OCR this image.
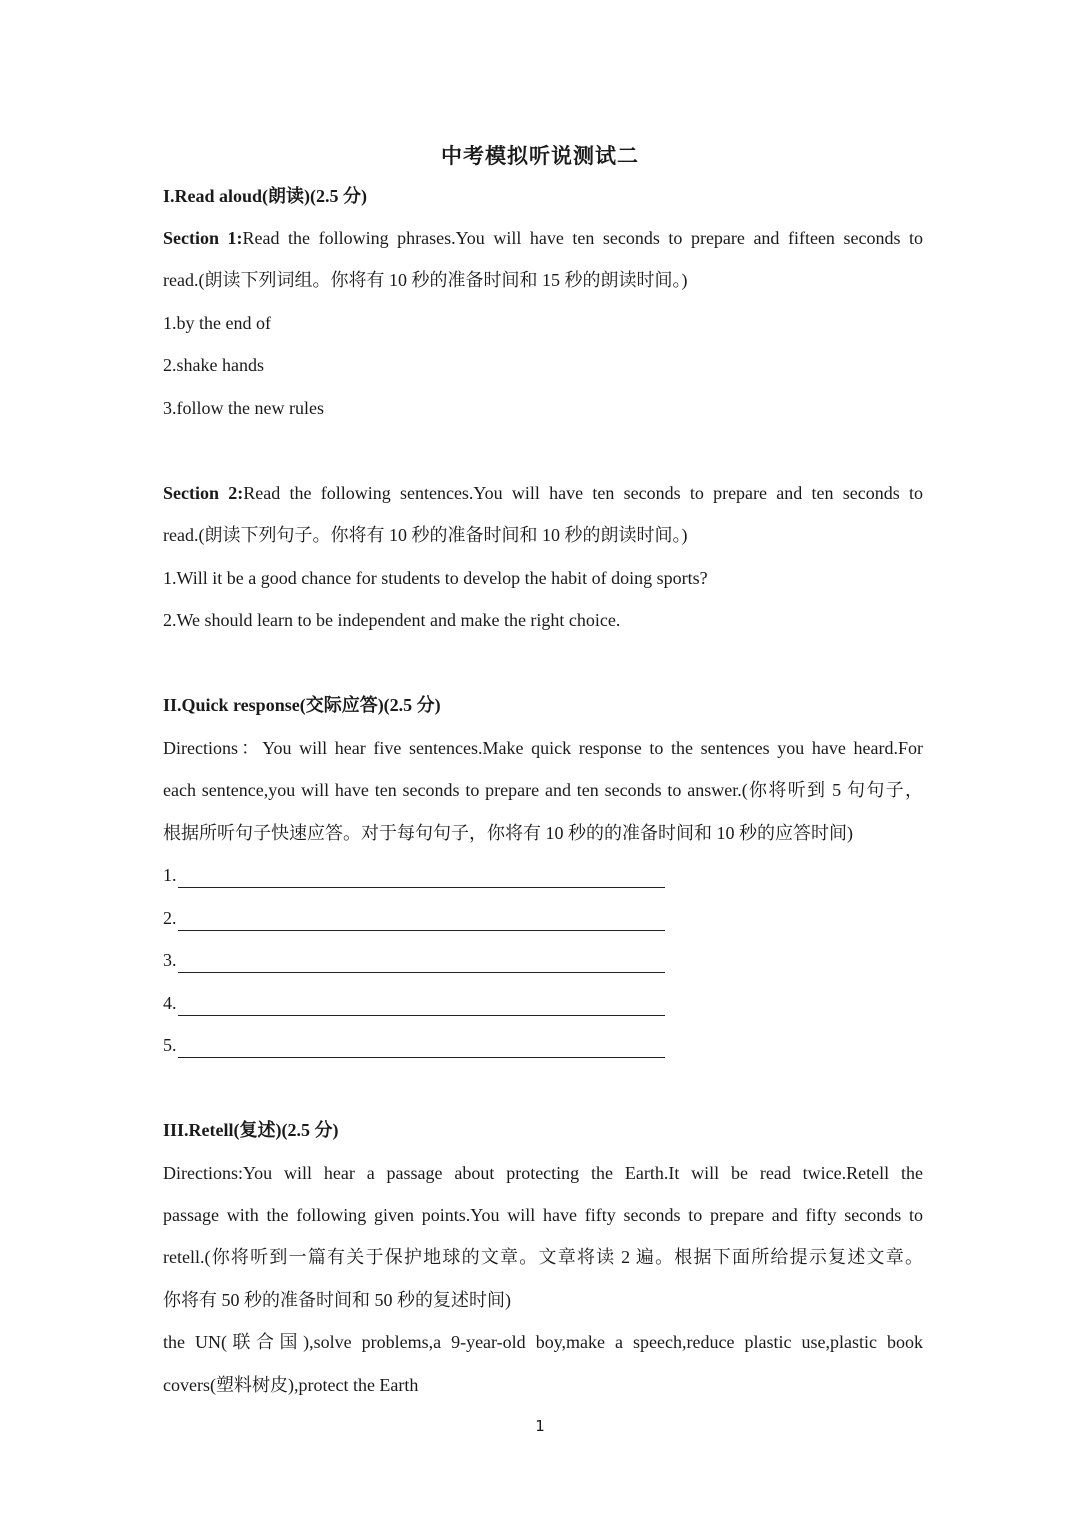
中考模拟听说测试二
I.Read aloud(朗读)(2.5 分)
Section 1:Read the following phrases.You will have ten seconds to prepare and fifteen seconds to
read.(朗读下列词组。你将有 10 秒的准备时间和 15 秒的朗读时间。)
1.by the end of
2.shake hands
3.follow the new rules
Section 2:Read the following sentences.You will have ten seconds to prepare and ten seconds to
read.(朗读下列句子。你将有 10 秒的准备时间和 10 秒的朗读时间。)
1.Will it be a good chance for students to develop the habit of doing sports?
2.We should learn to be independent and make the right choice.
II.Quick response(交际应答)(2.5 分)
Directions：You will hear five sentences.Make quick response to the sentences you have heard.For
each sentence,you will have ten seconds to prepare and ten seconds to answer.(你将听到 5 句句子，
根据所听句子快速应答。对于每句句子，你将有 10 秒的的准备时间和 10 秒的应答时间)
1.
2.
3.
4.
5.
III.Retell(复述)(2.5 分)
Directions:You will hear a passage about protecting the Earth.It will be read twice.Retell the
passage with the following given points.You will have fifty seconds to prepare and fifty seconds to
retell.(你将听到一篇有关于保护地球的文章。文章将读 2 遍。根据下面所给提示复述文章。
你将有 50 秒的准备时间和 50 秒的复述时间)
the UN(联合国),solve problems,a 9-year-old boy,make a speech,reduce plastic use,plastic book
covers(塑料树皮),protect the Earth
1
